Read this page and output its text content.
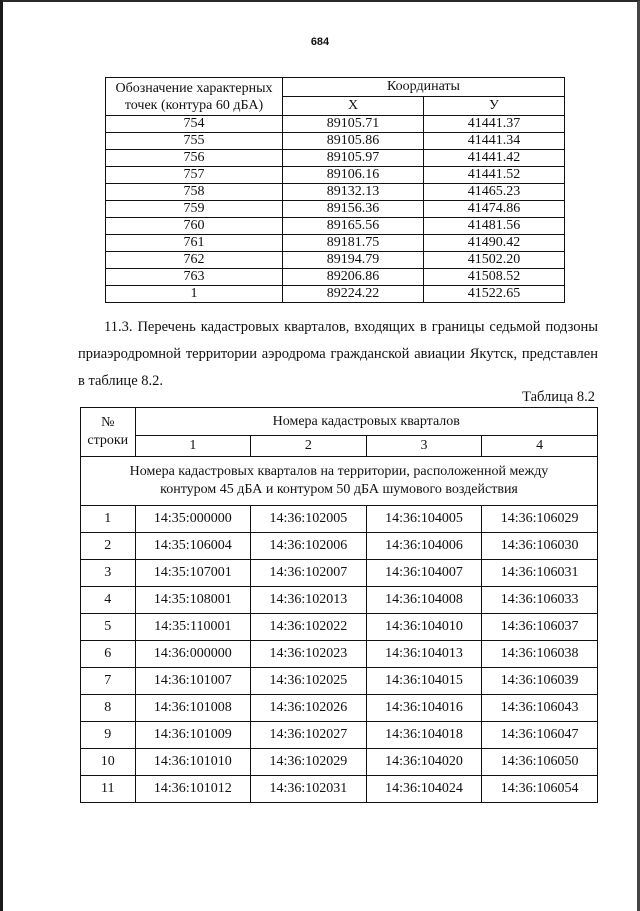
684
Обозначение характерных точек (контура 60 дБА)	Координаты	
	X	У
754	89105.71	41441.37
755	89105.86	41441.34
756	89105.97	41441.42
757	89106.16	41441.52
758	89132.13	41465.23
759	89156.36	41474.86
760	89165.56	41481.56
761	89181.75	41490.42
762	89194.79	41502.20
763	89206.86	41508.52
1	89224.22	41522.65
11.3. Перечень кадастровых кварталов, входящих в границы седьмой подзоны приаэродромной территории аэродрома гражданской авиации Якутск, представлен в таблице 8.2.
Таблица 8.2
№ строки	Номера кадастровых кварталов			
	1	2	3	4
Номера кадастровых кварталов на территории, расположенной между контуром 45 дБА и контуром 50 дБА шумового воздействия				
1	14:35:000000	14:36:102005	14:36:104005	14:36:106029
2	14:35:106004	14:36:102006	14:36:104006	14:36:106030
3	14:35:107001	14:36:102007	14:36:104007	14:36:106031
4	14:35:108001	14:36:102013	14:36:104008	14:36:106033
5	14:35:110001	14:36:102022	14:36:104010	14:36:106037
6	14:36:000000	14:36:102023	14:36:104013	14:36:106038
7	14:36:101007	14:36:102025	14:36:104015	14:36:106039
8	14:36:101008	14:36:102026	14:36:104016	14:36:106043
9	14:36:101009	14:36:102027	14:36:104018	14:36:106047
10	14:36:101010	14:36:102029	14:36:104020	14:36:106050
11	14:36:101012	14:36:102031	14:36:104024	14:36:106054
